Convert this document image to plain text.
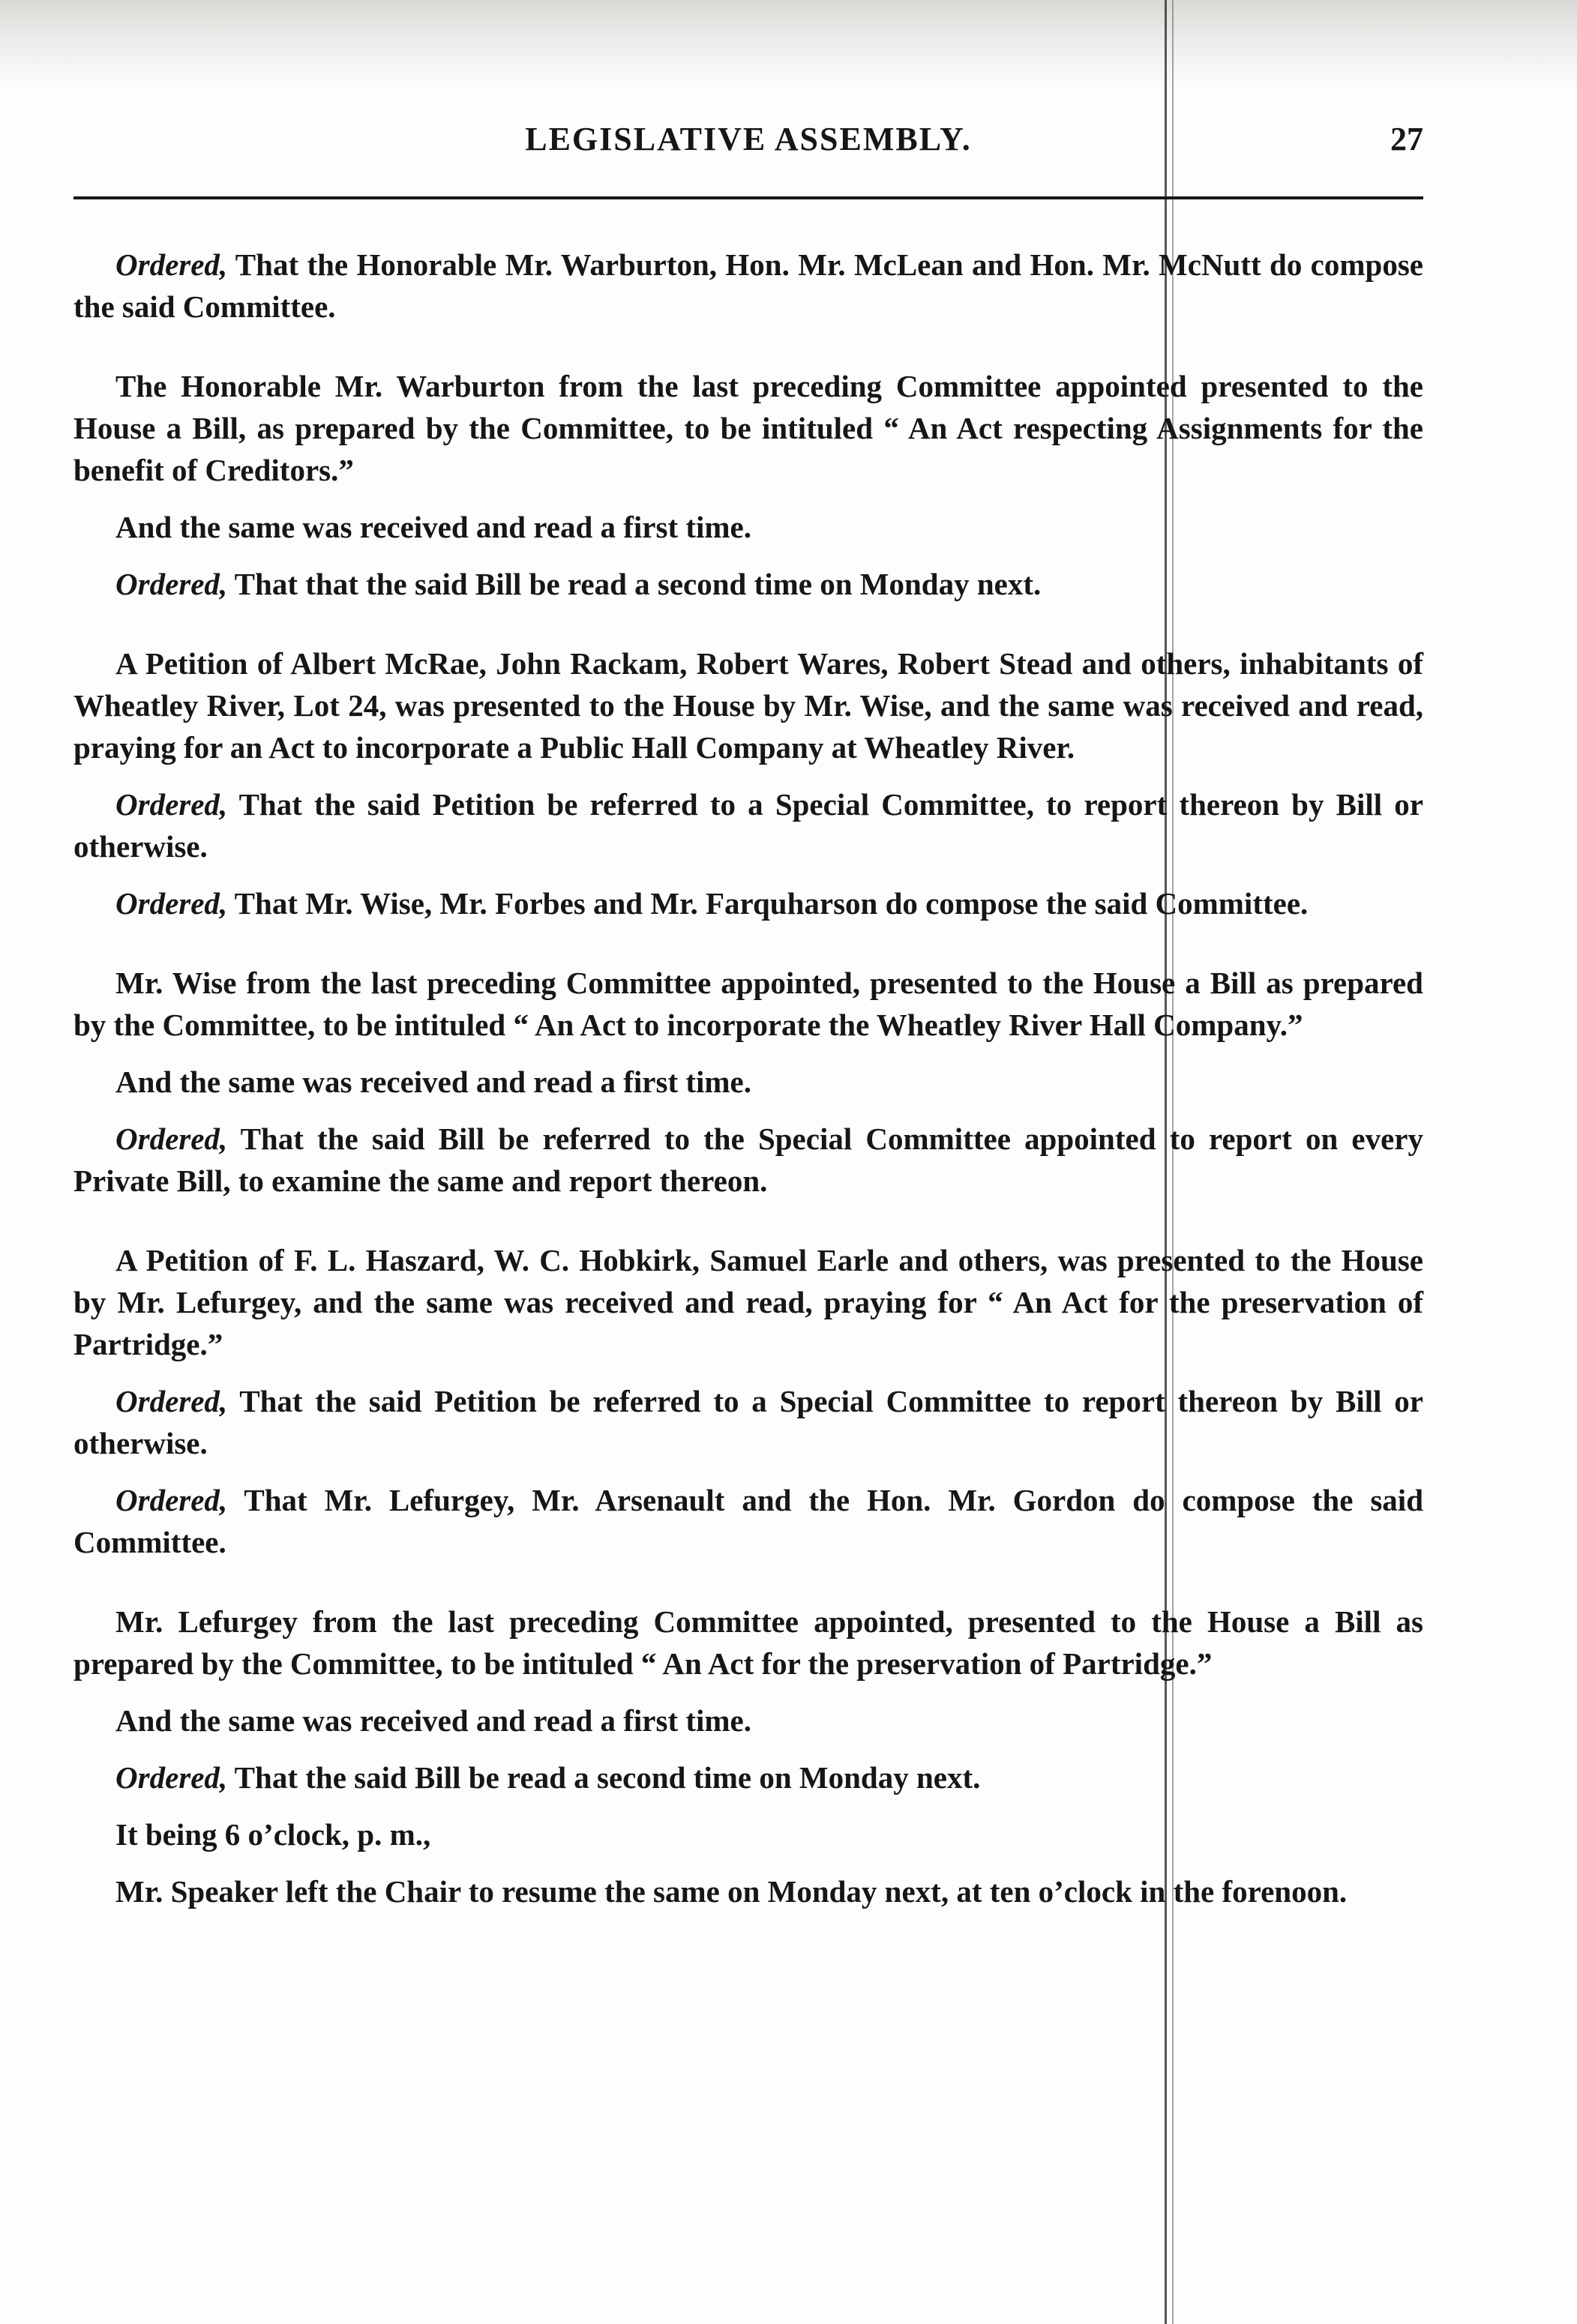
LEGISLATIVE ASSEMBLY.	27

Ordered, That the Honorable Mr. Warburton, Hon. Mr. McLean and Hon. Mr. McNutt do compose the said Committee.

The Honorable Mr. Warburton from the last preceding Committee appointed presented to the House a Bill, as prepared by the Committee, to be intituled “ An Act respecting Assignments for the benefit of Creditors.”

And the same was received and read a first time.

Ordered, That that the said Bill be read a second time on Monday next.

A Petition of Albert McRae, John Rackam, Robert Wares, Robert Stead and others, inhabitants of Wheatley River, Lot 24, was presented to the House by Mr. Wise, and the same was received and read, praying for an Act to incorporate a Public Hall Company at Wheatley River.

Ordered, That the said Petition be referred to a Special Committee, to report thereon by Bill or otherwise.

Ordered, That Mr. Wise, Mr. Forbes and Mr. Farquharson do compose the said Committee.

Mr. Wise from the last preceding Committee appointed, presented to the House a Bill as prepared by the Committee, to be intituled “ An Act to incorporate the Wheatley River Hall Company.”

And the same was received and read a first time.

Ordered, That the said Bill be referred to the Special Committee appointed to report on every Private Bill, to examine the same and report thereon.

A Petition of F. L. Haszard, W. C. Hobkirk, Samuel Earle and others, was presented to the House by Mr. Lefurgey, and the same was received and read, praying for “ An Act for the preservation of Partridge.”

Ordered, That the said Petition be referred to a Special Committee to report thereon by Bill or otherwise.

Ordered, That Mr. Lefurgey, Mr. Arsenault and the Hon. Mr. Gordon do compose the said Committee.

Mr. Lefurgey from the last preceding Committee appointed, presented to the House a Bill as prepared by the Committee, to be intituled “ An Act for the preservation of Partridge.”

And the same was received and read a first time.

Ordered, That the said Bill be read a second time on Monday next.

It being 6 o’clock, p. m.,

Mr. Speaker left the Chair to resume the same on Monday next, at ten o’clock in the forenoon.
